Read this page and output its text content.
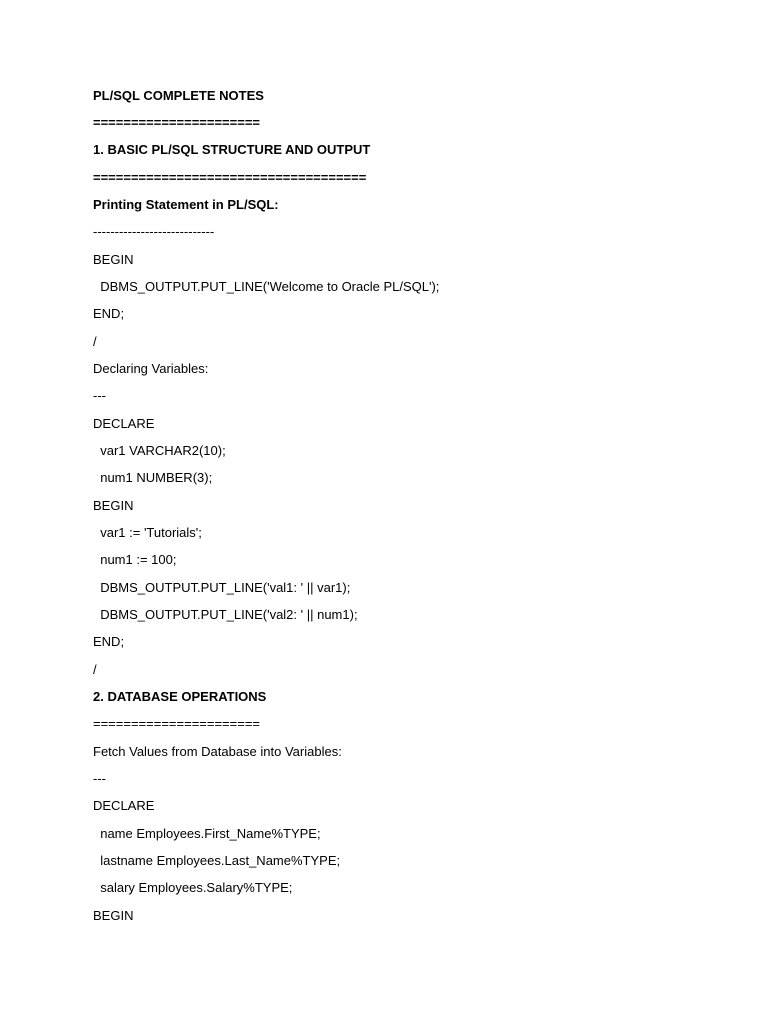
PL/SQL COMPLETE NOTES
======================
1. BASIC PL/SQL STRUCTURE AND OUTPUT
====================================
Printing Statement in PL/SQL:
----------------------------
BEGIN
DBMS_OUTPUT.PUT_LINE('Welcome to Oracle PL/SQL');
END;
/
Declaring Variables:
---
DECLARE
var1 VARCHAR2(10);
num1 NUMBER(3);
BEGIN
var1 := 'Tutorials';
num1 := 100;
DBMS_OUTPUT.PUT_LINE('val1: ' || var1);
DBMS_OUTPUT.PUT_LINE('val2: ' || num1);
END;
/
2. DATABASE OPERATIONS
======================
Fetch Values from Database into Variables:
---
DECLARE
name Employees.First_Name%TYPE;
lastname Employees.Last_Name%TYPE;
salary Employees.Salary%TYPE;
BEGIN
